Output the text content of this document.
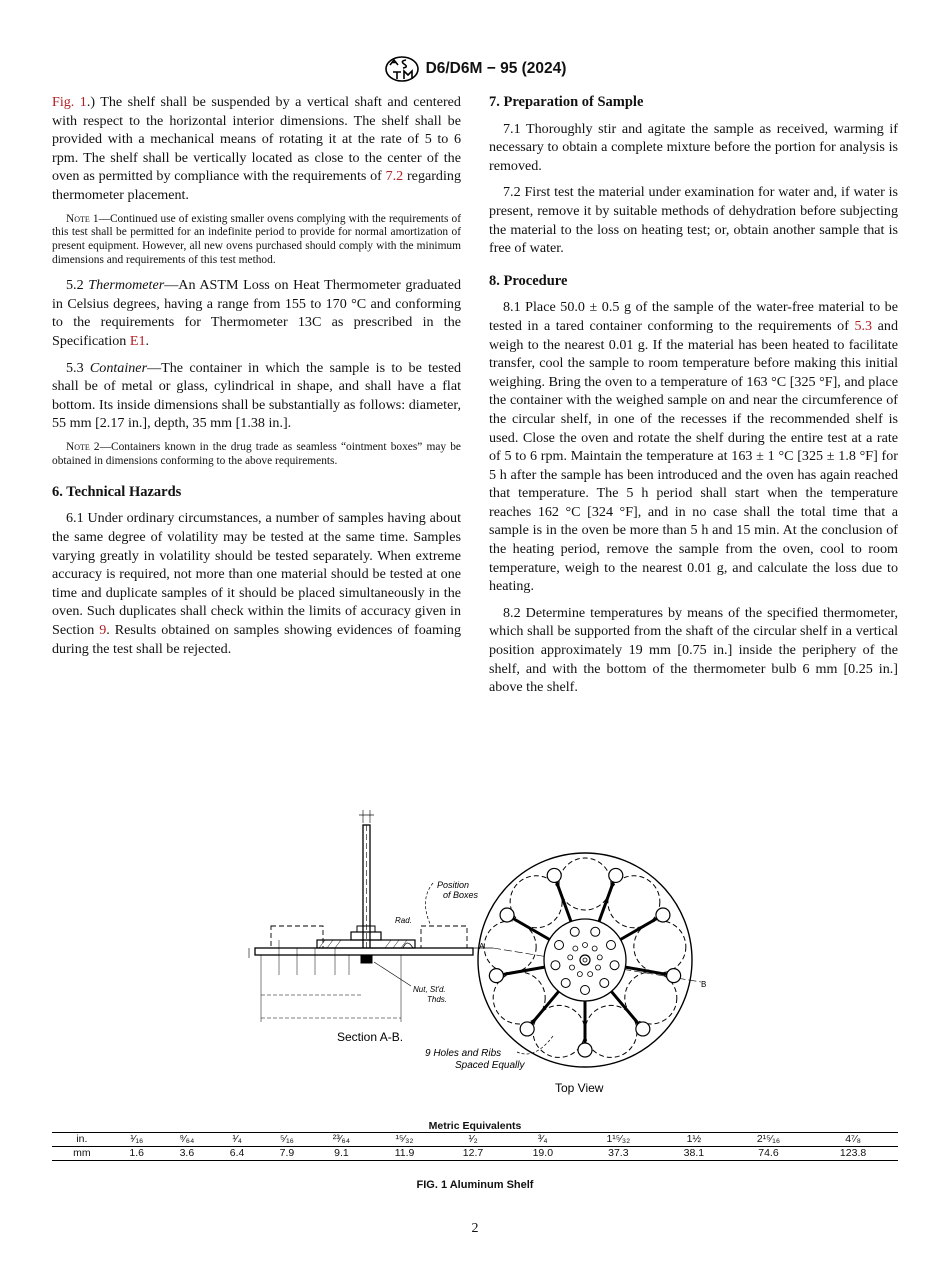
D6/D6M − 95 (2024)

Fig. 1.) The shelf shall be suspended by a vertical shaft and centered with respect to the horizontal interior dimensions. The shelf shall be provided with a mechanical means of rotating it at the rate of 5 to 6 rpm. The shelf shall be vertically located as close to the center of the oven as permitted by compliance with the requirements of 7.2 regarding thermometer placement.

Note 1—Continued use of existing smaller ovens complying with the requirements of this test shall be permitted for an indefinite period to provide for normal amortization of present equipment. However, all new ovens purchased should comply with the minimum dimensions and requirements of this test method.

5.2 Thermometer—An ASTM Loss on Heat Thermometer graduated in Celsius degrees, having a range from 155 to 170 °C and conforming to the requirements for Thermometer 13C as prescribed in the Specification E1.

5.3 Container—The container in which the sample is to be tested shall be of metal or glass, cylindrical in shape, and shall have a flat bottom. Its inside dimensions shall be substantially as follows: diameter, 55 mm [2.17 in.], depth, 35 mm [1.38 in.].

Note 2—Containers known in the drug trade as seamless “ointment boxes” may be obtained in dimensions conforming to the above requirements.

6. Technical Hazards

6.1 Under ordinary circumstances, a number of samples having about the same degree of volatility may be tested at the same time. Samples varying greatly in volatility should be tested separately. When extreme accuracy is required, not more than one material should be tested at one time and duplicate samples of it should be placed simultaneously in the oven. Such duplicates shall check within the limits of accuracy given in Section 9. Results obtained on samples showing evidences of foaming during the test shall be rejected.

7. Preparation of Sample

7.1 Thoroughly stir and agitate the sample as received, warming if necessary to obtain a complete mixture before the portion for analysis is removed.

7.2 First test the material under examination for water and, if water is present, remove it by suitable methods of dehydration before subjecting the material to the loss on heating test; or, obtain another sample that is free of water.

8. Procedure

8.1 Place 50.0 ± 0.5 g of the sample of the water-free material to be tested in a tared container conforming to the requirements of 5.3 and weigh to the nearest 0.01 g. If the material has been heated to facilitate transfer, cool the sample to room temperature before making this initial weighing. Bring the oven to a temperature of 163 °C [325 °F], and place the container with the weighed sample on and near the circumference of the circular shelf, in one of the recesses if the recommended shelf is used. Close the oven and rotate the shelf during the entire test at a rate of 5 to 6 rpm. Maintain the temperature at 163 ± 1 °C [325 ± 1.8 °F] for 5 h after the sample has been introduced and the oven has again reached that temperature. The 5 h period shall start when the temperature reaches 162 °C [324 °F], and in no case shall the total time that a sample is in the oven be more than 5 h and 15 min. At the conclusion of the heating period, remove the sample from the oven, cool to room temperature, weigh to the nearest 0.01 g, and calculate the loss due to heating.

8.2 Determine temperatures by means of the specified thermometer, which shall be supported from the shaft of the circular shelf in a vertical position approximately 19 mm [0.75 in.] inside the periphery of the shelf, and with the bottom of the thermometer bulb 6 mm [0.25 in.] above the shelf.

Position
of Boxes
Rad.
Nut, St'd.
Thds.
Section A-B.
A
B
9 Holes and Ribs
Spaced Equally
Top View
Metric Equivalents
in.	¹⁄₁₆	⁹⁄₆₄	¹⁄₄	⁵⁄₁₆	²³⁄₆₄	¹⁵⁄₃₂	¹⁄₂	³⁄₄	1¹⁵⁄₃₂	1½	2¹⁵⁄₁₆	4⁷⁄₈
mm	1.6	3.6	6.4	7.9	9.1	11.9	12.7	19.0	37.3	38.1	74.6	123.8
FIG. 1 Aluminum Shelf
2
